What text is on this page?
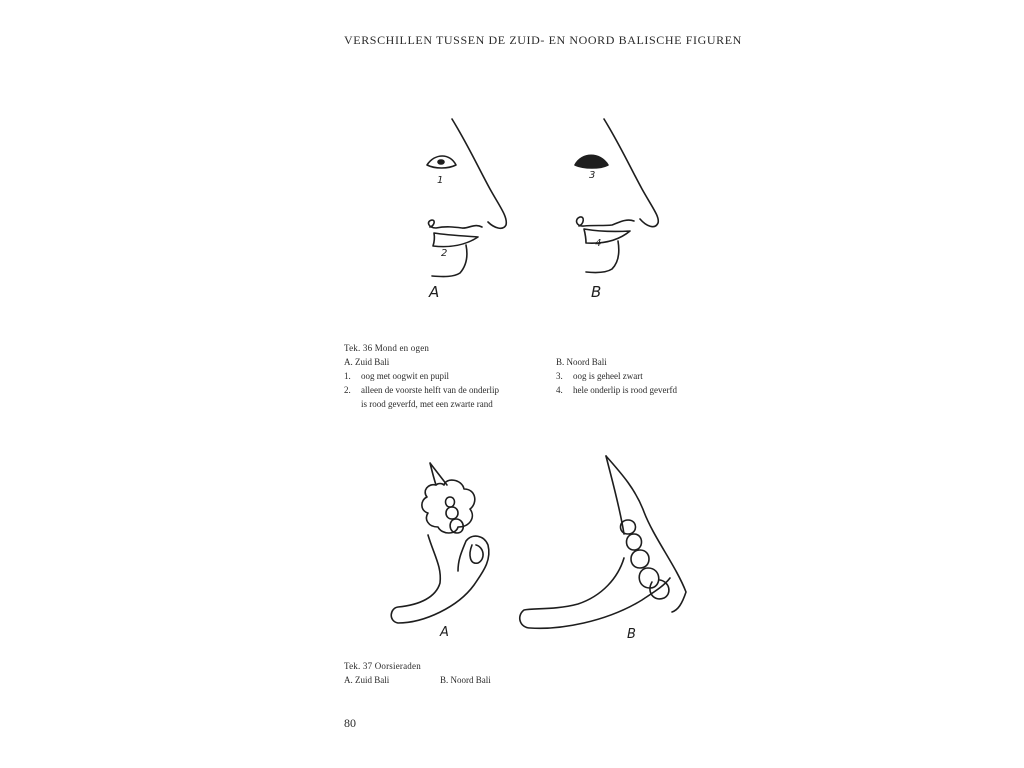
VERSCHILLEN TUSSEN DE ZUID- EN NOORD BALISCHE FIGUREN
1
2
A
3
4
B
Tek. 36 Mond en ogen
A. Zuid Bali
1. oog met oogwit en pupil
2. alleen de voorste helft van de onderlip
is rood geverfd, met een zwarte rand
B. Noord Bali
3. oog is geheel zwart
4. hele onderlip is rood geverfd
A	B
Tek. 37 Oorsieraden
A. Zuid Bali	B. Noord Bali
80
